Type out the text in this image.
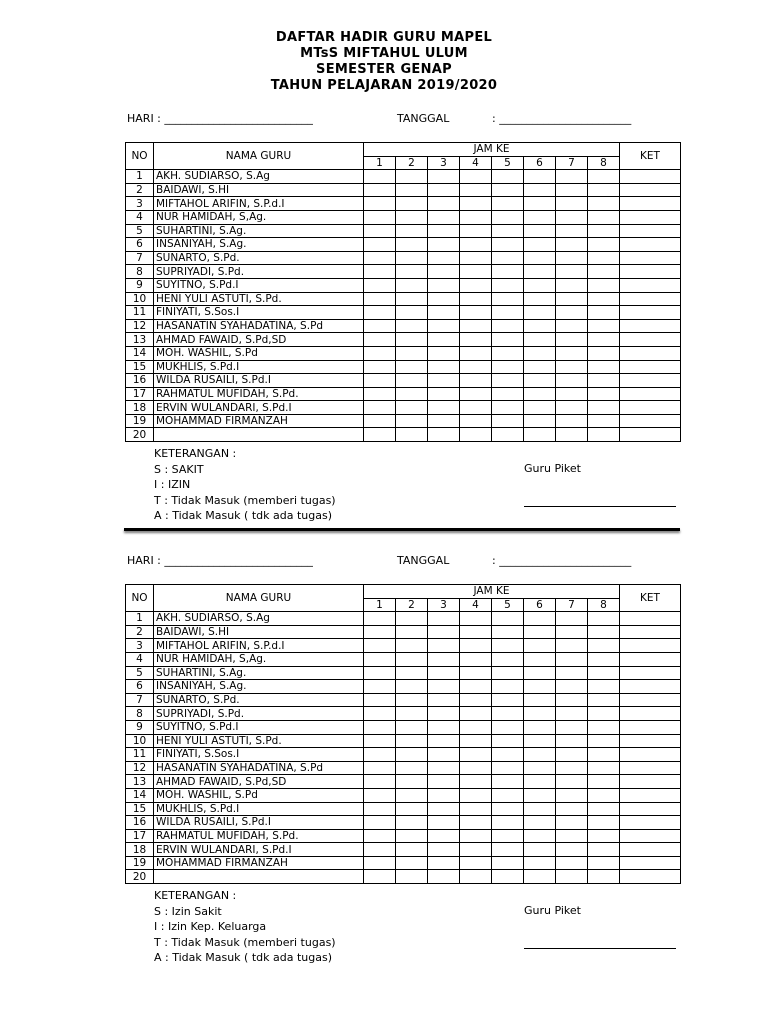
DAFTAR HADIR GURU MAPEL
MTsS MIFTAHUL ULUM
SEMESTER GENAP
TAHUN PELAJARAN 2019/2020
HARI : ___________________________	TANGGAL	: ________________________
NO	NAMA GURU	JAM KE								KET
		1	2	3	4	5	6	7	8	
1	AKH. SUDIARSO, S.Ag									
2	BAIDAWI, S.HI									
3	MIFTAHOL ARIFIN, S.P.d.I									
4	NUR HAMIDAH, S,Ag.									
5	SUHARTINI, S.Ag.									
6	INSANIYAH, S.Ag.									
7	SUNARTO, S.Pd.									
8	SUPRIYADI, S.Pd.									
9	SUYITNO, S.Pd.I									
10	HENI YULI ASTUTI, S.Pd.									
11	FINIYATI, S.Sos.I									
12	HASANATIN SYAHADATINA, S.Pd									
13	AHMAD FAWAID, S.Pd,SD									
14	MOH. WASHIL, S.Pd									
15	MUKHLIS, S.Pd.I									
16	WILDA RUSAILI, S.Pd.I									
17	RAHMATUL MUFIDAH, S.Pd.									
18	ERVIN WULANDARI, S.Pd.I									
19	MOHAMMAD FIRMANZAH									
20										
KETERANGAN :
S : SAKIT
I : IZIN
T : Tidak Masuk (memberi tugas)
A : Tidak Masuk ( tdk ada tugas)
Guru Piket
HARI : ___________________________	TANGGAL	: ________________________
NO	NAMA GURU	JAM KE								KET
		1	2	3	4	5	6	7	8	
1	AKH. SUDIARSO, S.Ag									
2	BAIDAWI, S.HI									
3	MIFTAHOL ARIFIN, S.P.d.I									
4	NUR HAMIDAH, S,Ag.									
5	SUHARTINI, S.Ag.									
6	INSANIYAH, S.Ag.									
7	SUNARTO, S.Pd.									
8	SUPRIYADI, S.Pd.									
9	SUYITNO, S.Pd.I									
10	HENI YULI ASTUTI, S.Pd.									
11	FINIYATI, S.Sos.I									
12	HASANATIN SYAHADATINA, S.Pd									
13	AHMAD FAWAID, S.Pd,SD									
14	MOH. WASHIL, S.Pd									
15	MUKHLIS, S.Pd.I									
16	WILDA RUSAILI, S.Pd.I									
17	RAHMATUL MUFIDAH, S.Pd.									
18	ERVIN WULANDARI, S.Pd.I									
19	MOHAMMAD FIRMANZAH									
20										
KETERANGAN :
S : Izin Sakit
I : Izin Kep. Keluarga
T : Tidak Masuk (memberi tugas)
A : Tidak Masuk ( tdk ada tugas)
Guru Piket
